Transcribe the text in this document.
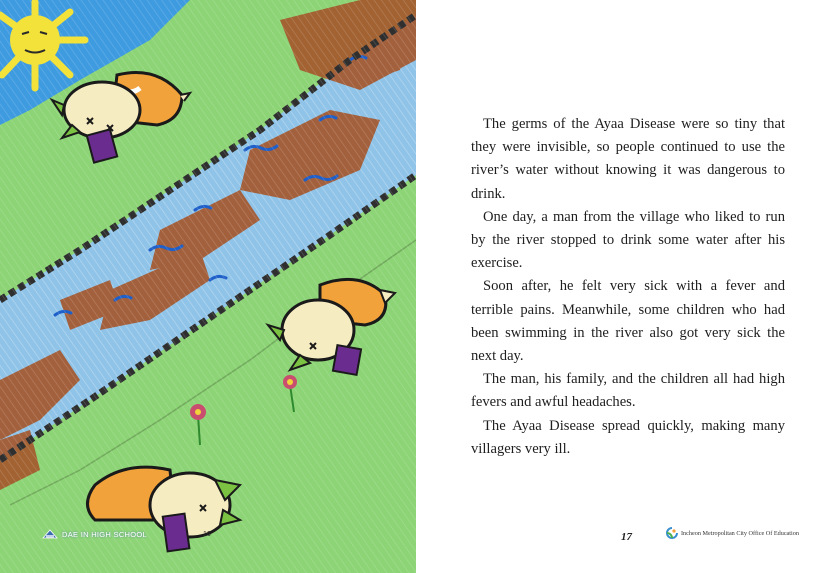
DAE IN HIGH SCHOOL	16

The germs of the Ayaa Disease were so tiny that they were invisible, so people continued to use the river’s water without knowing it was dangerous to drink.

One day, a man from the village who liked to run by the river stopped to drink some water after his exercise.

Soon after, he felt very sick with a fever and terrible pains. Meanwhile, some children who had been swimming in the river also got very sick the next day.

The man, his family, and the children all had high fevers and awful headaches.

The Ayaa Disease spread quickly, making many villagers very ill.

17	Incheon Metropolitan City Office Of Education
